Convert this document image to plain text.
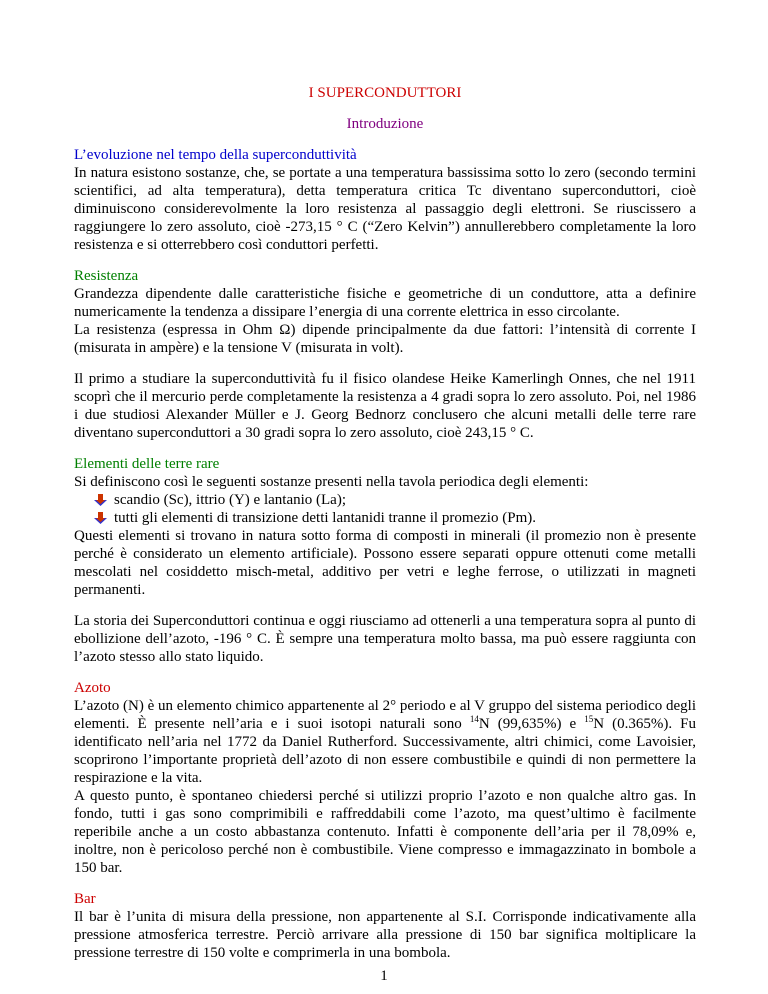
I SUPERCONDUTTORI

Introduzione

L’evoluzione nel tempo della superconduttività

In natura esistono sostanze, che, se portate a una temperatura bassissima sotto lo zero (secondo termini scientifici, ad alta temperatura), detta temperatura critica Tc diventano superconduttori, cioè diminuiscono considerevolmente la loro resistenza al passaggio degli elettroni. Se riuscissero a raggiungere lo zero assoluto, cioè -273,15 ° C (“Zero Kelvin”) annullerebbero completamente la loro resistenza e si otterrebbero così conduttori perfetti.

Resistenza

Grandezza dipendente dalle caratteristiche fisiche e geometriche di un conduttore, atta a definire numericamente la tendenza a dissipare l’energia di una corrente elettrica in esso circolante.

La resistenza (espressa in Ohm Ω) dipende principalmente da due fattori: l’intensità di corrente I (misurata in ampère) e la tensione V (misurata in volt).

Il primo a studiare la superconduttività fu il fisico olandese Heike Kamerlingh Onnes, che nel 1911 scoprì che il mercurio perde completamente la resistenza a 4 gradi sopra lo zero assoluto. Poi, nel 1986 i due studiosi Alexander Müller e J. Georg Bednorz conclusero che alcuni metalli delle terre rare diventano superconduttori a 30 gradi sopra lo zero assoluto, cioè 243,15 ° C.

Elementi delle terre rare

Si definiscono così le seguenti sostanze presenti nella tavola periodica degli elementi:

scandio (Sc), ittrio (Y) e lantanio (La);
tutti gli elementi di transizione detti lantanidi tranne il promezio (Pm).

Questi elementi si trovano in natura sotto forma di composti in minerali (il promezio non è presente perché è considerato un elemento artificiale). Possono essere separati oppure ottenuti come metalli mescolati nel cosiddetto misch-metal, additivo per vetri e leghe ferrose, o utilizzati in magneti permanenti.

La storia dei Superconduttori continua e oggi riusciamo ad ottenerli a una temperatura sopra al punto di ebollizione dell’azoto, -196 ° C. È sempre una temperatura molto bassa, ma può essere raggiunta con l’azoto stesso allo stato liquido.

Azoto

L’azoto (N) è un elemento chimico appartenente al 2° periodo e al V gruppo del sistema periodico degli elementi. È presente nell’aria e i suoi isotopi naturali sono $^{14}$N (99,635%) e $^{15}$N (0.365%). Fu identificato nell’aria nel 1772 da Daniel Rutherford. Successivamente, altri chimici, come Lavoisier, scoprirono l’importante proprietà dell’azoto di non essere combustibile e quindi di non permettere la respirazione e la vita.

A questo punto, è spontaneo chiedersi perché si utilizzi proprio l’azoto e non qualche altro gas. In fondo, tutti i gas sono comprimibili e raffreddabili come l’azoto, ma quest’ultimo è facilmente reperibile anche a un costo abbastanza contenuto. Infatti è componente dell’aria per il 78,09% e, inoltre, non è pericoloso perché non è combustibile. Viene compresso e immagazzinato in bombole a 150 bar.

Bar

Il bar è l’unita di misura della pressione, non appartenente al S.I. Corrisponde indicativamente alla pressione atmosferica terrestre. Perciò arrivare alla pressione di 150 bar significa moltiplicare la pressione terrestre di 150 volte e comprimerla in una bombola.

1
